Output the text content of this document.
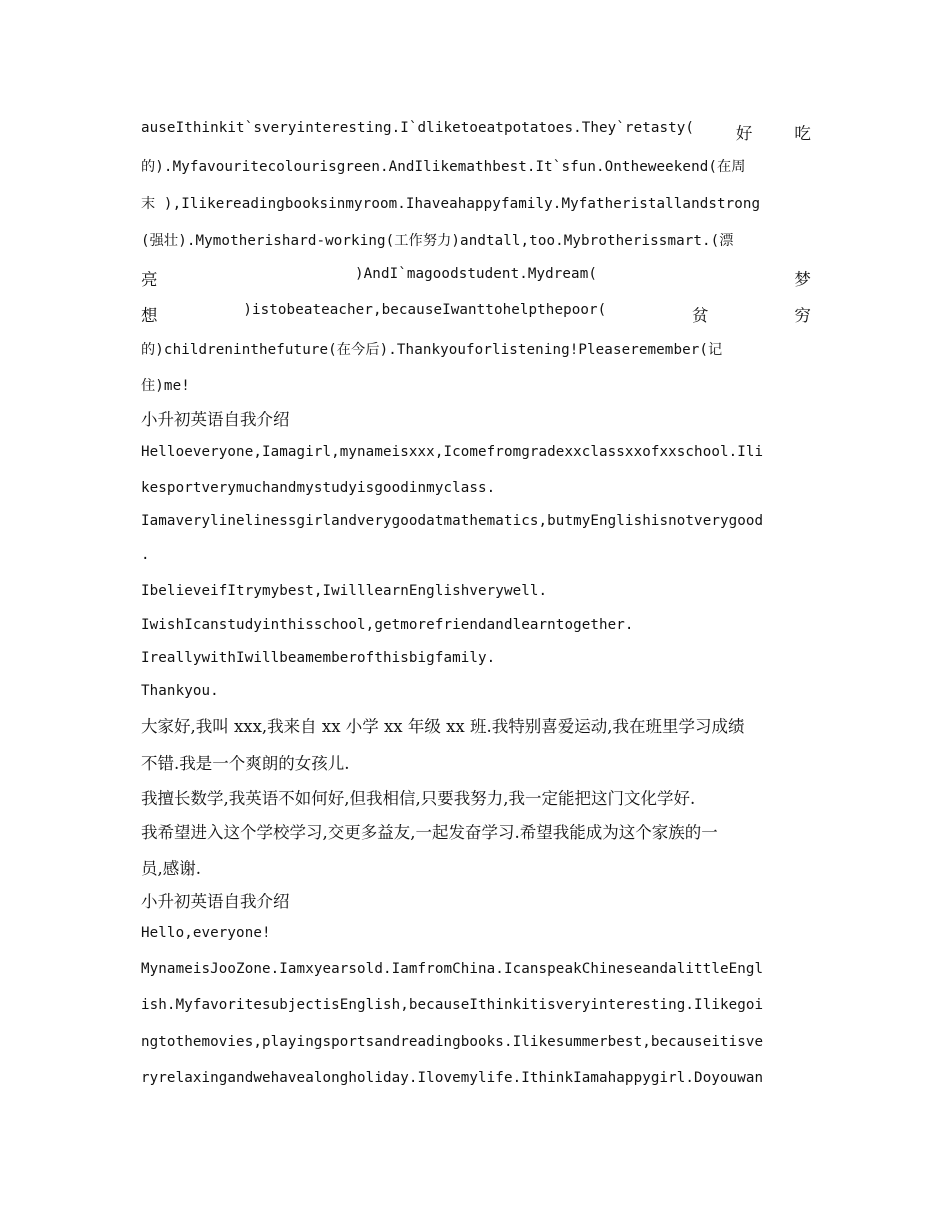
auseIthinkit`sveryinteresting.I`dliketoeatpotatoes.They`retasty(	好	吃
的).Myfavouritecolourisgreen.AndIlikemathbest.It`sfun.Ontheweekend(在周
末 ),Ilikereadingbooksinmyroom.Ihaveahappyfamily.Myfatheristallandstrong
(强壮).Mymotherishard-working(工作努力)andtall,too.Mybrotherissmart.(漂
亮	)AndI`magoodstudent.Mydream(	梦
想	)istobeateacher,becauseIwanttohelpthepoor(	贫	穷
的)childreninthefuture(在今后).Thankyouforlistening!Pleaseremember(记
住)me!
小升初英语自我介绍
Helloeveryone,Iamagirl,mynameisxxx,Icomefromgradexxclassxxofxxschool.Ili
kesportverymuchandmystudyisgoodinmyclass.
Iamaverylinelinessgirlandverygoodatmathematics,butmyEnglishisnotverygood
.
IbelieveifItrymybest,IwilllearnEnglishverywell.
IwishIcanstudyinthisschool,getmorefriendandlearntogether.
IreallywithIwillbeamemberofthisbigfamily.
Thankyou.
大家好,我叫 xxx,我来自 xx 小学 xx 年级 xx 班.我特别喜爱运动,我在班里学习成绩
不错.我是一个爽朗的女孩儿.
我擅长数学,我英语不如何好,但我相信,只要我努力,我一定能把这门文化学好.
我希望进入这个学校学习,交更多益友,一起发奋学习.希望我能成为这个家族的一
员,感谢.
小升初英语自我介绍
Hello,everyone!
MynameisJooZone.Iamxyearsold.IamfromChina.IcanspeakChineseandalittleEngl
ish.MyfavoritesubjectisEnglish,becauseIthinkitisveryinteresting.Ilikegoi
ngtothemovies,playingsportsandreadingbooks.Ilikesummerbest,becauseitisve
ryrelaxingandwehavealongholiday.Ilovemylife.IthinkIamahappygirl.Doyouwan
